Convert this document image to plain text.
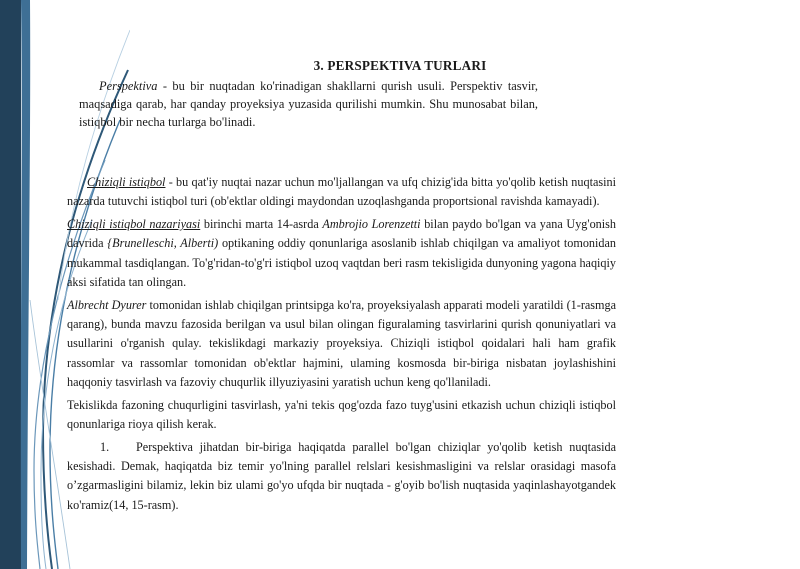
3. PERSPEKTIVA TURLARI
Perspektiva - bu bir nuqtadan ko'rinadigan shakllarni qurish usuli. Perspektiv tasvir, maqsadiga qarab, har qanday proyeksiya yuzasida qurilishi mumkin. Shu munosabat bilan, istiqbol bir necha turlarga bo'linadi.

Chiziqli istiqbol - bu qat'iy nuqtai nazar uchun mo'ljallangan va ufq chizig'ida bitta yo'qolib ketish nuqtasini nazarda tutuvchi istiqbol turi (ob'ektlar oldingi maydondan uzoqlashganda proportsional ravishda kamayadi).

Chiziqli istiqbol nazariyasi birinchi marta 14-asrda Ambrojio Lorenzetti bilan paydo bo'lgan va yana Uyg'onish davrida {Brunelleschi, Alberti) optikaning oddiy qonunlariga asoslanib ishlab chiqilgan va amaliyot tomonidan mukammal tasdiqlangan. To'g'ridan-to'g'ri istiqbol uzoq vaqtdan beri rasm tekisligida dunyoning yagona haqiqiy aksi sifatida tan olingan.

Albrecht Dyurer tomonidan ishlab chiqilgan printsipga ko'ra, proyeksiyalash apparati modeli yaratildi (1-rasmga qarang), bunda mavzu fazosida berilgan va usul bilan olingan figuralaming tasvirlarini qurish qonuniyatlari va usullarini o'rganish qulay. tekislikdagi markaziy proyeksiya. Chiziqli istiqbol qoidalari hali ham grafik rassomlar va rassomlar tomonidan ob'ektlar hajmini, ulaming kosmosda bir-biriga nisbatan joylashishini haqqoniy tasvirlash va fazoviy chuqurlik illyuziyasini yaratish uchun keng qo'llaniladi.

Tekislikda fazoning chuqurligini tasvirlash, ya'ni tekis qog'ozda fazo tuyg'usini etkazish uchun chiziqli istiqbol qonunlariga rioya qilish kerak.

1. Perspektiva jihatdan bir-biriga haqiqatda parallel bo'lgan chiziqlar yo'qolib ketish nuqtasida kesishadi. Demak, haqiqatda biz temir yo'lning parallel relslari kesishmasligini va relslar orasidagi masofa o’zgarmasligini bilamiz, lekin biz ulami go'yo ufqda bir nuqtada - g'oyib bo'lish nuqtasida yaqinlashayotgandek ko'ramiz(14, 15-rasm).
